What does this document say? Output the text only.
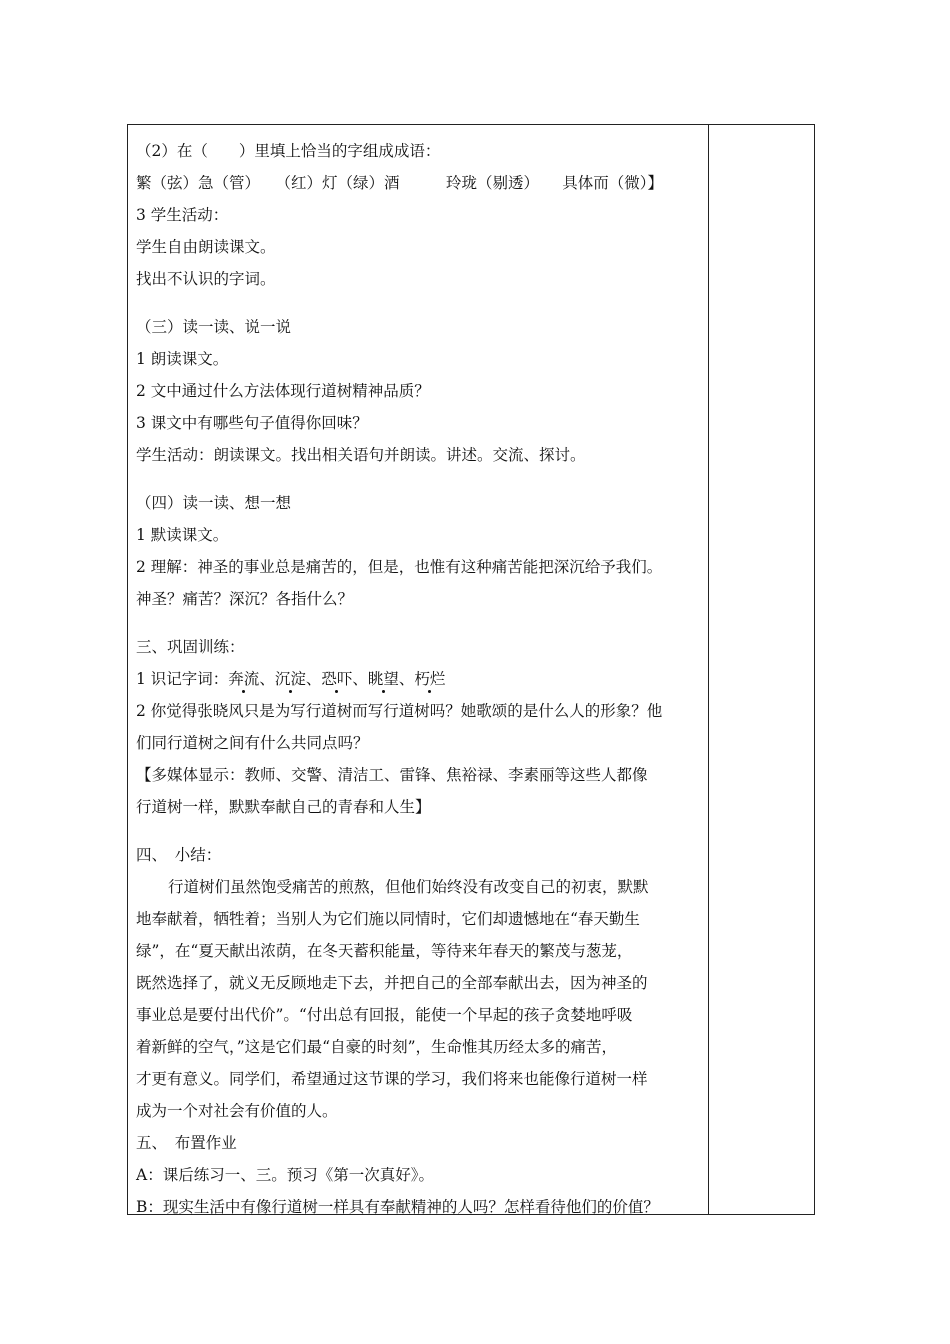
（2）在（　　）里填上恰当的字组成成语：
繁（弦）急（管）　　（红）灯（绿）酒　　　玲珑（剔透）　　具体而（微）】
3 学生活动：
学生自由朗读课文。
找出不认识的字词。
（三）读一读、说一说
1 朗读课文。
2 文中通过什么方法体现行道树精神品质？
3 课文中有哪些句子值得你回味？
学生活动：朗读课文。找出相关语句并朗读。讲述。交流、探讨。
（四）读一读、想一想
1 默读课文。
2 理解：神圣的事业总是痛苦的，但是，也惟有这种痛苦能把深沉给予我们。
神圣？痛苦？深沉？各指什么？
三、巩固训练：
1 识记字词：奔流、沉淀、恐吓、眺望、朽烂
2 你觉得张晓风只是为写行道树而写行道树吗？她歌颂的是什么人的形象？他
们同行道树之间有什么共同点吗？
【多媒体显示：教师、交警、清洁工、雷锋、焦裕禄、李素丽等这些人都像
行道树一样，默默奉献自己的青春和人生】
四、　小结：
行道树们虽然饱受痛苦的煎熬，但他们始终没有改变自己的初衷，默默
地奉献着，牺牲着；当别人为它们施以同情时，它们却遗憾地在“春天勤生
绿”，在“夏天献出浓荫，在冬天蓄积能量，等待来年春天的繁茂与葱茏，
既然选择了，就义无反顾地走下去，并把自己的全部奉献出去，因为神圣的
事业总是要付出代价”。“付出总有回报，能使一个早起的孩子贪婪地呼吸
着新鲜的空气，”这是它们最“自豪的时刻”，生命惟其历经太多的痛苦，
才更有意义。同学们，希望通过这节课的学习，我们将来也能像行道树一样
成为一个对社会有价值的人。
五、　布置作业
A：课后练习一、三。预习《第一次真好》。
B：现实生活中有像行道树一样具有奉献精神的人吗？怎样看待他们的价值？
